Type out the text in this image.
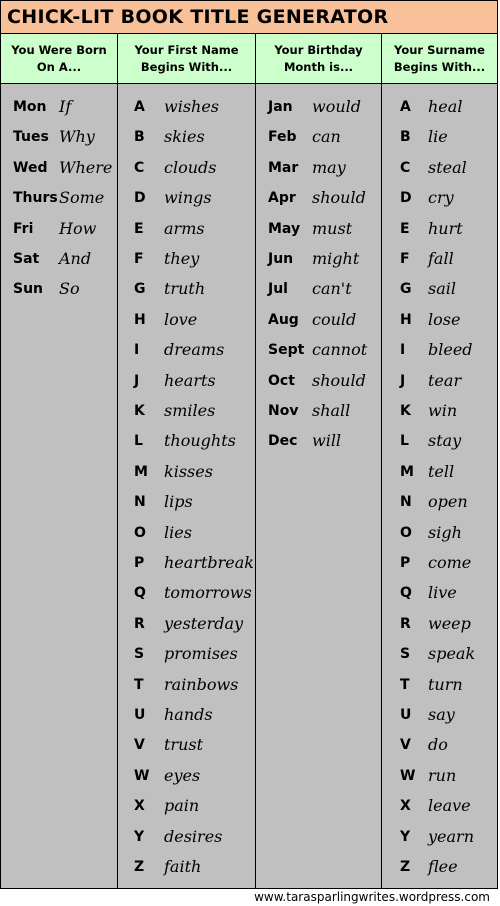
CHICK-LIT BOOK TITLE GENERATOR
You Were Born On A...
Your First Name Begins With...
Your Birthday Month is...
Your Surname Begins With...
Mon If
Tues Why
Wed Where
Thurs Some
Fri How
Sat And
Sun So
A wishes
B skies
C clouds
D wings
E arms
F they
G truth
H love
I dreams
J hearts
K smiles
L thoughts
M kisses
N lips
O lies
P heartbreak
Q tomorrows
R yesterday
S promises
T rainbows
U hands
V trust
W eyes
X pain
Y desires
Z faith
Jan would
Feb can
Mar may
Apr should
May must
Jun might
Jul can't
Aug could
Sept cannot
Oct should
Nov shall
Dec will
A heal
B lie
C steal
D cry
E hurt
F fall
G sail
H lose
I bleed
J tear
K win
L stay
M tell
N open
O sigh
P come
Q live
R weep
S speak
T turn
U say
V do
W run
X leave
Y yearn
Z flee
www.tarasparlingwrites.wordpress.com
